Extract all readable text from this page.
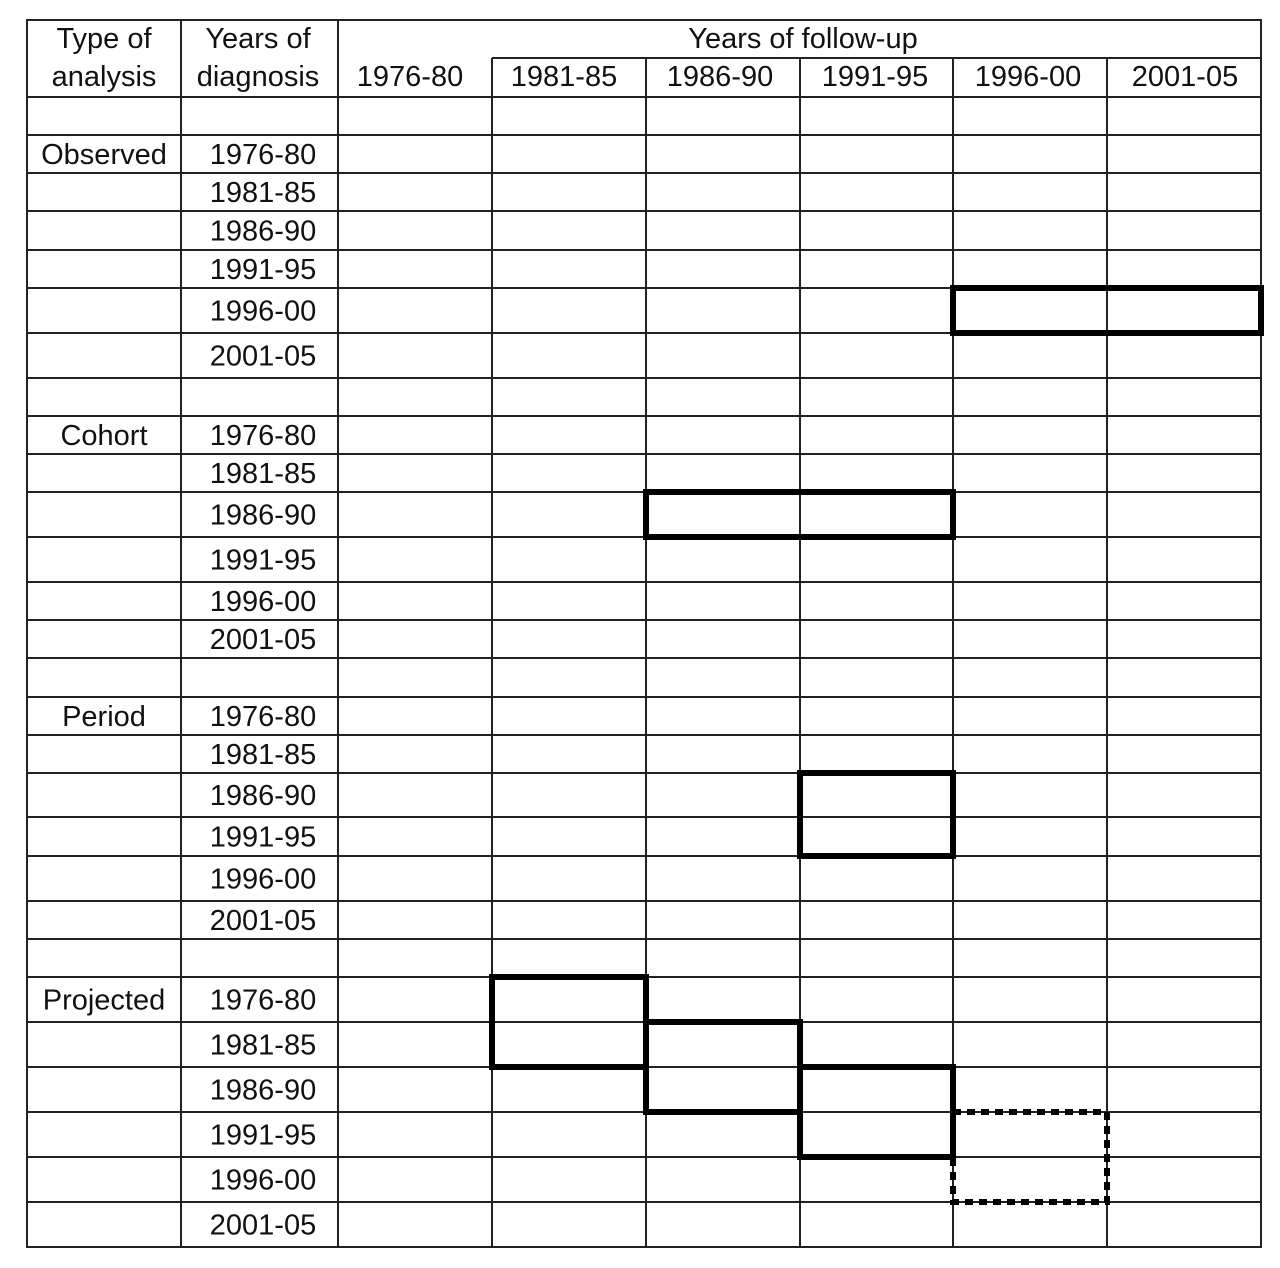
Type of
analysis
Years of
diagnosis
Years of follow-up
1976-80 1981-85 1986-90 1991-95 1996-00 2001-05
Observed 1976-80
1981-85
1986-90
1991-95
1996-00
2001-05
Cohort 1976-80
1981-85
1986-90
1991-95
1996-00
2001-05
Period 1976-80
1981-85
1986-90
1991-95
1996-00
2001-05
Projected 1976-80
1981-85
1986-90
1991-95
1996-00
2001-05
